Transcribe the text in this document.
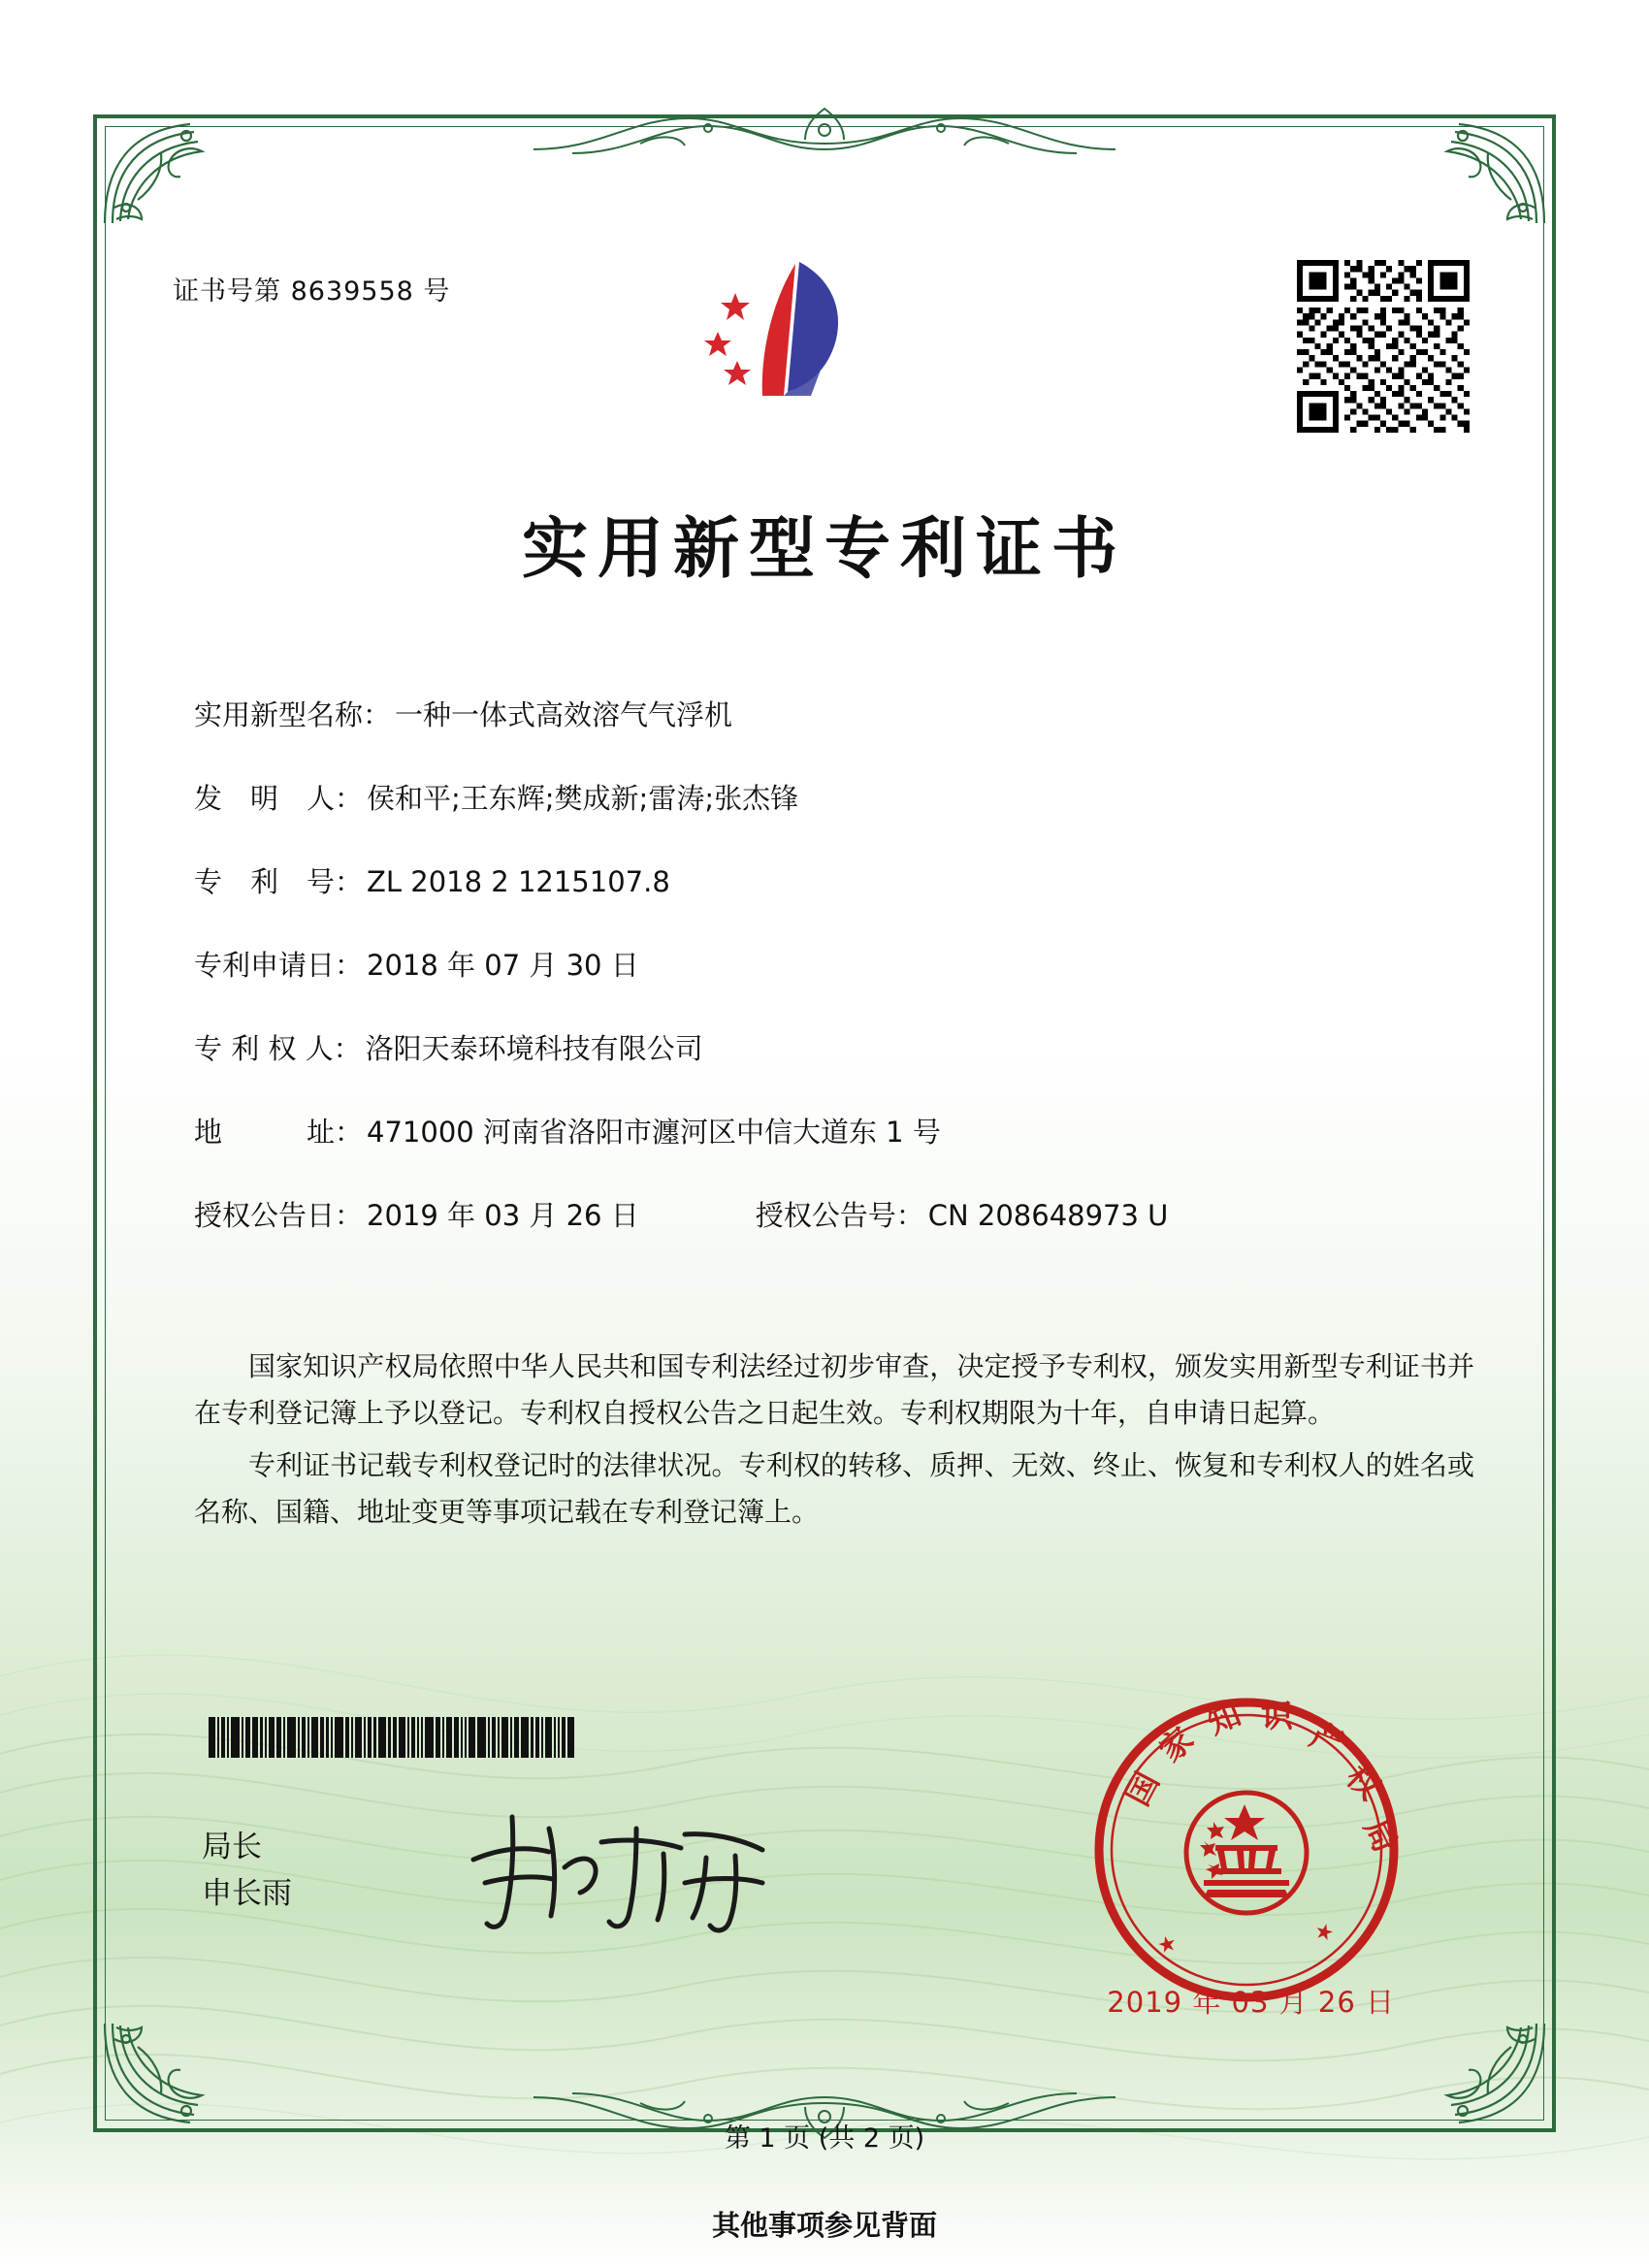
证书号第 8639558 号
实用新型专利证书
实用新型名称： 一种一体式高效溶气气浮机
发　明　人： 侯和平;王东辉;樊成新;雷涛;张杰锋
专　利　号： ZL 2018 2 1215107.8
专利申请日： 2018 年 07 月 30 日
专 利 权 人： 洛阳天泰环境科技有限公司
地　　　址： 471000 河南省洛阳市瀍河区中信大道东 1 号
授权公告日： 2019 年 03 月 26 日	授权公告号： CN 208648973 U

国家知识产权局依照中华人民共和国专利法经过初步审查，决定授予专利权，颁发实用新型专利证书并在专利登记簿上予以登记。专利权自授权公告之日起生效。专利权期限为十年，自申请日起算。

专利证书记载专利权登记时的法律状况。专利权的转移、质押、无效、终止、恢复和专利权人的姓名或名称、国籍、地址变更等事项记载在专利登记簿上。

局长
申长雨
国
家
知 识 产
权
局
★	★
2019 年 03 月 26 日
第 1 页 (共 2 页)
其他事项参见背面
